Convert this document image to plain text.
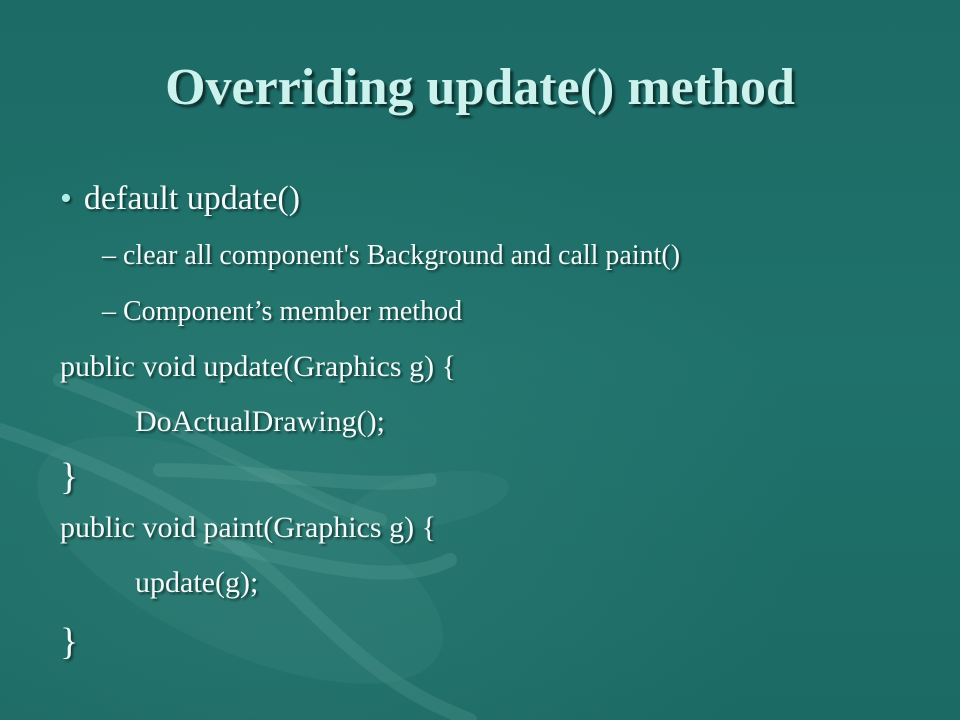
Overriding update() method
• default update()
– clear all component's Background and call paint()
– Component’s member method
public void update(Graphics g) {
DoActualDrawing();
}
public void paint(Graphics g) {
update(g);
}
